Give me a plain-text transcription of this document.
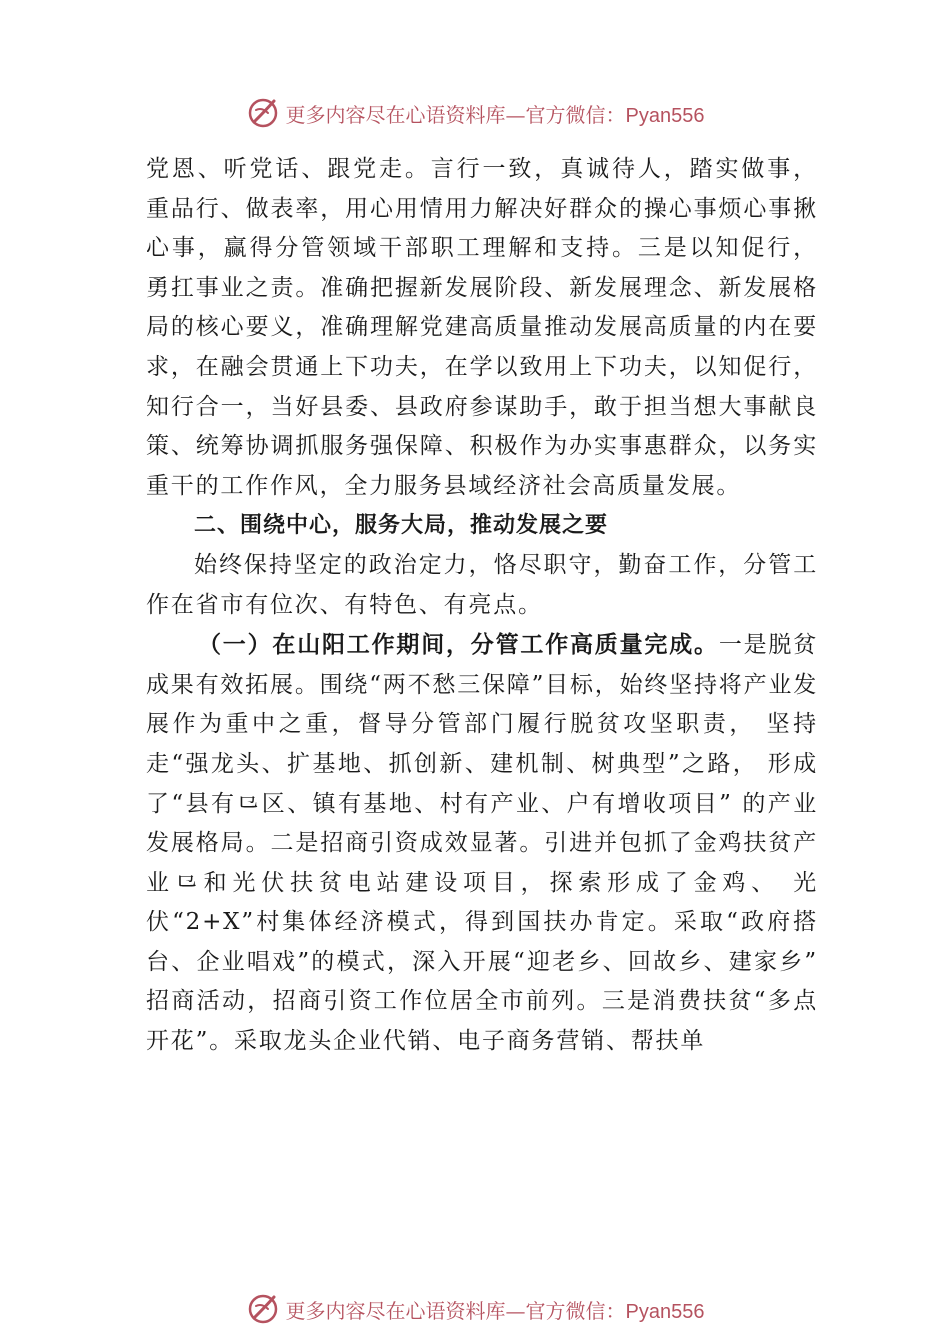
更多内容尽在心语资料库—官方微信：Pyan556

党恩、听党话、跟党走。言行一致，真诚待人，踏实做事， 重品行、做表率，用心用情用力解决好群众的操心事烦心事揪心事，赢得分管领域干部职工理解和支持。三是以知促行， 勇扛事业之责。准确把握新发展阶段、新发展理念、新发展格局的核心要义，准确理解党建高质量推动发展高质量的内在要求，在融会贯通上下功夫，在学以致用上下功夫，以知促行，知行合一，当好县委、县政府参谋助手，敢于担当想大事献良策、统筹协调抓服务强保障、积极作为办实事惠群众，以务实重干的工作作风，全力服务县域经济社会高质量发展。

二、围绕中心，服务大局，推动发展之要

始终保持坚定的政治定力，恪尽职守，勤奋工作，分管工作在省市有位次、有特色、有亮点。

（一）在山阳工作期间，分管工作高质量完成。一是脱贫成果有效拓展。围绕“两不愁三保障”目标，始终坚持将产业发展作为重中之重，督导分管部门履行脱贫攻坚职责， 坚持走“强龙头、扩基地、抓创新、建机制、树典型”之路， 形成了“县有⺋区、镇有基地、村有产业、户有增收项目” 的产业发展格局。二是招商引资成效显著。引进并包抓了金鸡扶贫产业⺋和光伏扶贫电站建设项目，探索形成了金鸡、 光伏“2+X”村集体经济模式，得到国扶办肯定。采取“政府搭台、企业唱戏”的模式，深入开展“迎老乡、回故乡、建家乡” 招商活动，招商引资工作位居全市前列。三是消费扶贫“多点开花”。采取龙头企业代销、电子商务营销、帮扶单

更多内容尽在心语资料库—官方微信：Pyan556
